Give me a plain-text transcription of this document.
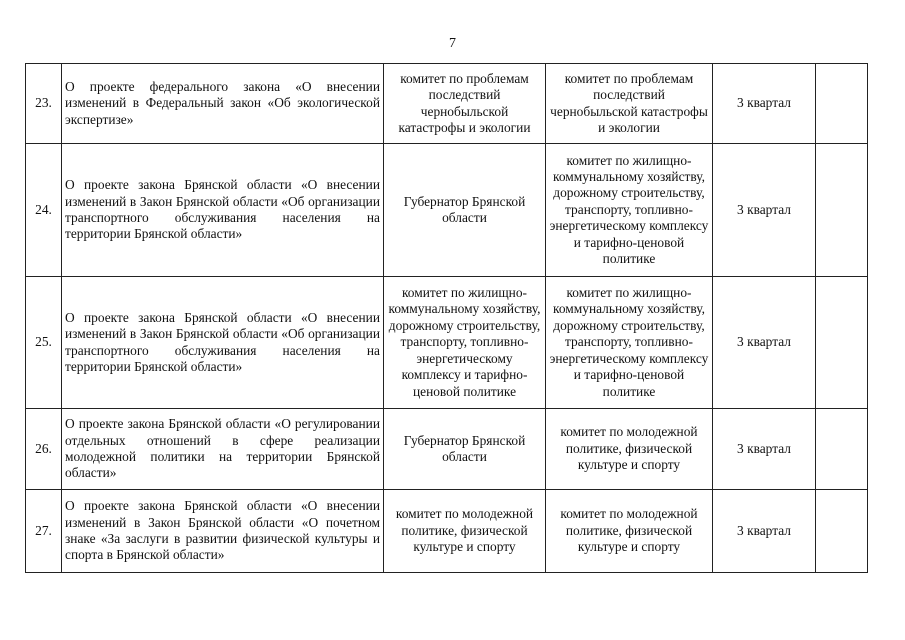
7
23.	О проекте федерального закона «О внесении изменений в Федеральный закон «Об экологической экспертизе»	комитет по проблемам последствий чернобыльской катастрофы и экологии	комитет по проблемам последствий чернобыльской катастрофы и экологии	3 квартал	
24.	О проекте закона Брянской области «О внесении изменений в Закон Брянской области «Об организации транспортного обслуживания населения на территории Брянской области»	Губернатор Брянской области	комитет по жилищно-коммунальному хозяйству, дорожному строительству, транспорту, топливно-энергетическому комплексу и тарифно-ценовой политике	3 квартал	
25.	О проекте закона Брянской области «О внесении изменений в Закон Брянской области «Об организации транспортного обслуживания населения на территории Брянской области»	комитет по жилищно-коммунальному хозяйству, дорожному строительству, транспорту, топливно-энергетическому комплексу и тарифно-ценовой политике	комитет по жилищно-коммунальному хозяйству, дорожному строительству, транспорту, топливно-энергетическому комплексу и тарифно-ценовой политике	3 квартал	
26.	О проекте закона Брянской области «О регулировании отдельных отношений в сфере реализации молодежной политики на территории Брянской области»	Губернатор Брянской области	комитет по молодежной политике, физической культуре и спорту	3 квартал	
27.	О проекте закона Брянской области «О внесении изменений в Закон Брянской области «О почетном знаке «За заслуги в развитии физической культуры и спорта в Брянской области»	комитет по молодежной политике, физической культуре и спорту	комитет по молодежной политике, физической культуре и спорту	3 квартал	
